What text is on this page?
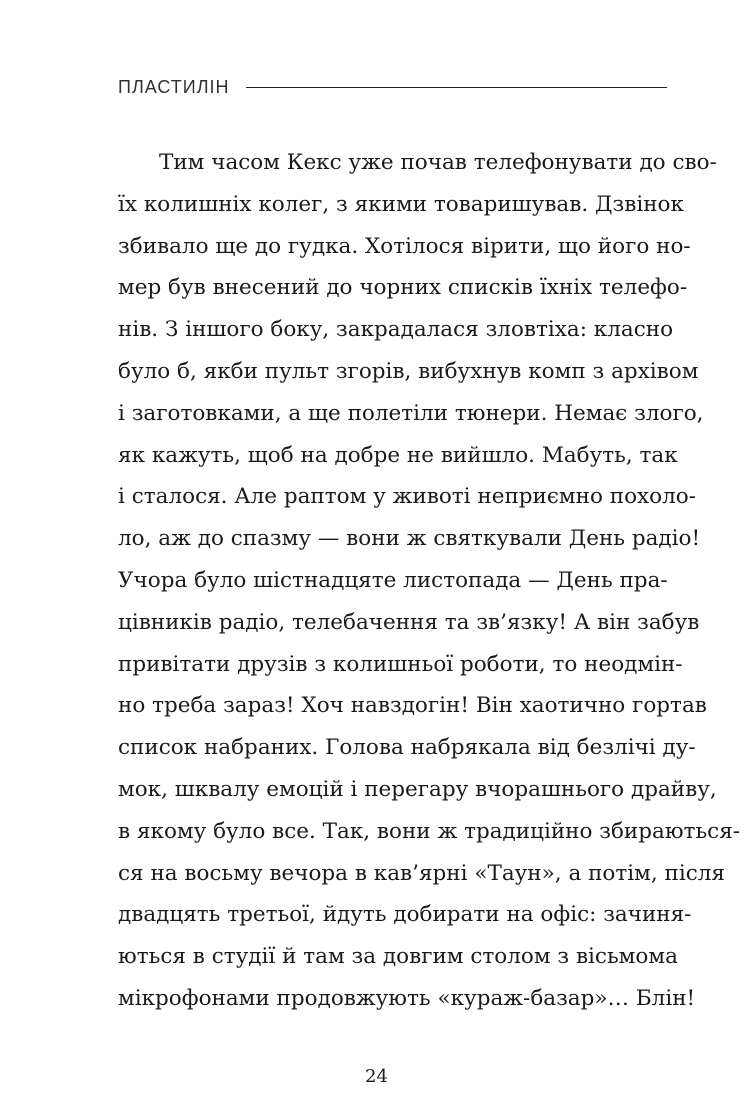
ПЛАСТИЛІН
Тим часом Кекс уже почав телефонувати до сво-
їх колишніх колег, з якими товаришував. Дзвінок
збивало ще до гудка. Хотілося вірити, що його но-
мер був внесений до чорних списків їхніх телефо-
нів. З іншого боку, закрадалася зловтіха: класно
було б, якби пульт згорів, вибухнув комп з архівом
і заготовками, а ще полетіли тюнери. Немає злого,
як кажуть, щоб на добре не вийшло. Мабуть, так
і сталося. Але раптом у животі неприємно похоло-
ло, аж до спазму — вони ж святкували День радіо!
Учора було шістнадцяте листопада — День пра-
цівників радіо, телебачення та зв’язку! А він забув
привітати друзів з колишньої роботи, то неодмін-
но треба зараз! Хоч навздогін! Він хаотично гортав
список набраних. Голова набрякала від безлічі ду-
мок, шквалу емоцій і перегару вчорашнього драйву,
в якому було все. Так, вони ж традиційно збираються-
ся на восьму вечора в кав’ярні «Таун», а потім, після
двадцять третьої, йдуть добирати на офіс: зачиня-
ються в студії й там за довгим столом з вісьмома
мікрофонами продовжують «кураж-базар»… Блін!
24
